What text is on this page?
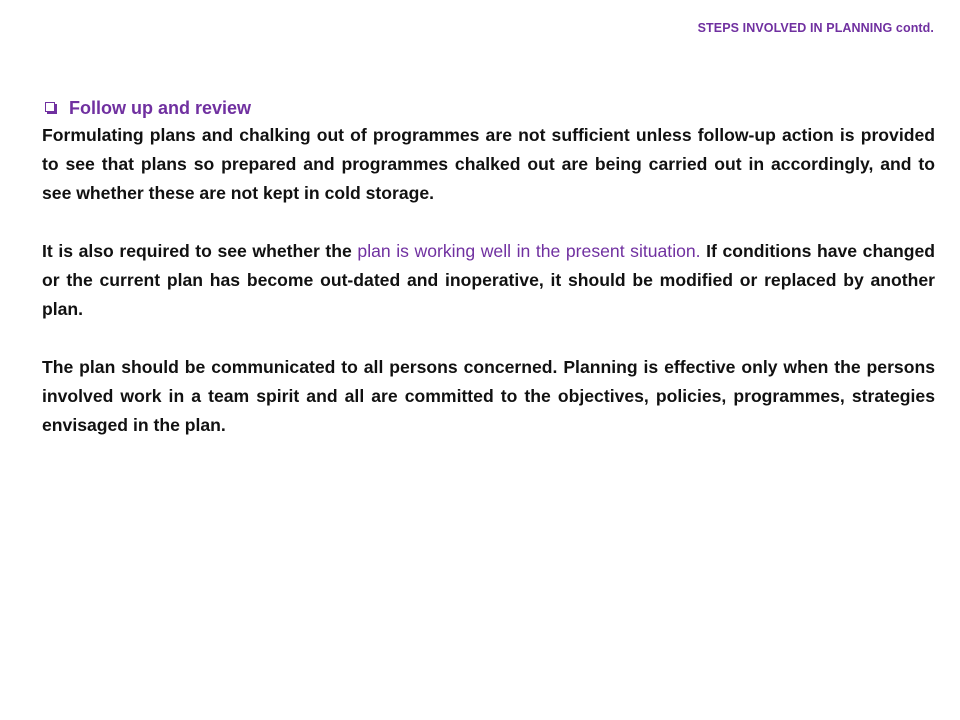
STEPS INVOLVED IN PLANNING contd.
Follow up and review

Formulating plans and chalking out of programmes are not sufficient unless follow-up action is provided to see that plans so prepared and programmes chalked out are being carried out in accordingly, and to see whether these are not kept in cold storage.

It is also required to see whether the plan is working well in the present situation. If conditions have changed or the current plan has become out-dated and inoperative, it should be modified or replaced by another plan.

The plan should be communicated to all persons concerned. Planning is effective only when the persons involved work in a team spirit and all are committed to the objectives, policies, programmes, strategies envisaged in the plan.
